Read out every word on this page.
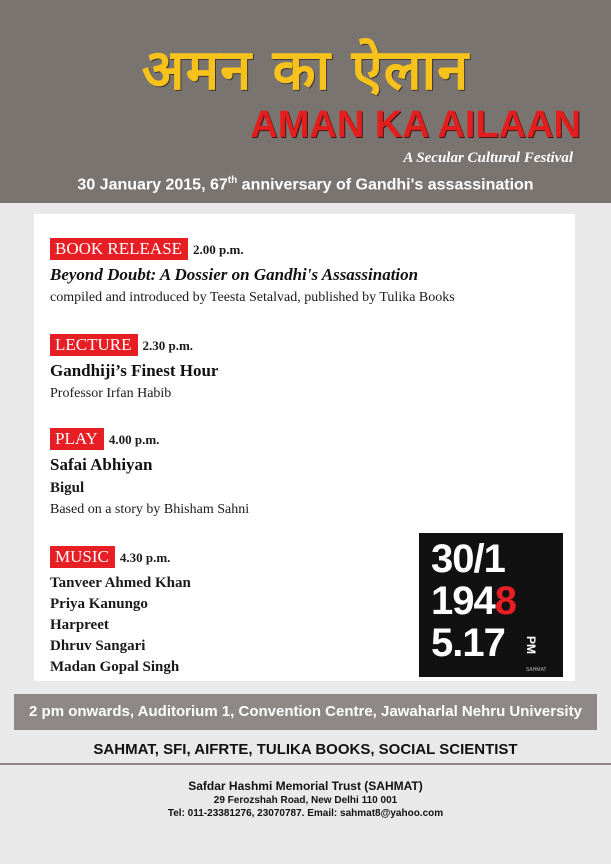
अमन का ऐलान
AMAN KA AILAAN
A Secular Cultural Festival
30 January 2015, 67th anniversary of Gandhi's assassination
BOOK RELEASE 2.00 p.m.
Beyond Doubt: A Dossier on Gandhi's Assassination
compiled and introduced by Teesta Setalvad, published by Tulika Books
LECTURE 2.30 p.m.
Gandhiji’s Finest Hour
Professor Irfan Habib
PLAY 4.00 p.m.
Safai Abhiyan
Bigul
Based on a story by Bhisham Sahni
MUSIC 4.30 p.m.
Tanveer Ahmed Khan
Priya Kanungo
Harpreet
Dhruv Sangari
Madan Gopal Singh
30/1
1948
5.17 PM
SAHMAT
2 pm onwards, Auditorium 1, Convention Centre, Jawaharlal Nehru University
SAHMAT, SFI, AIFRTE, TULIKA BOOKS, SOCIAL SCIENTIST
Safdar Hashmi Memorial Trust (SAHMAT)
29 Ferozshah Road, New Delhi 110 001
Tel: 011-23381276, 23070787. Email: sahmat8@yahoo.com
